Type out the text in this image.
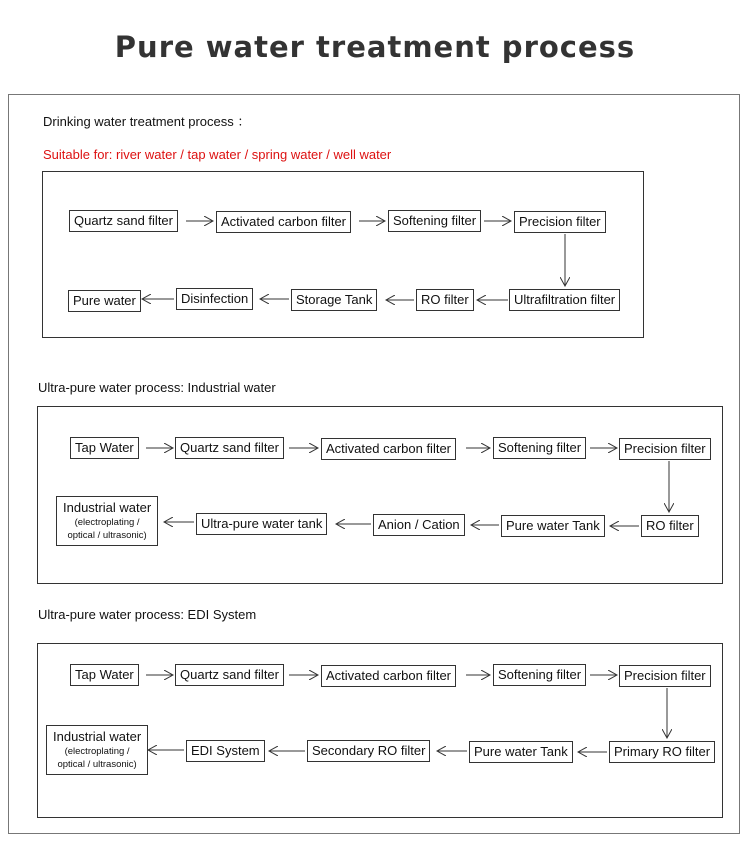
Pure water treatment process
Drinking water treatment process ：
Suitable for: river water / tap water / spring water / well water
Quartz sand filter	Activated carbon filter	Softening filter	Precision filter
Ultrafiltration filter
RO filter
Storage Tank
Disinfection
Pure water
Ultra-pure water process: Industrial water
Tap Water	Quartz sand filter	Activated carbon filter	Softening filter	Precision filter
RO filter
Pure water Tank
Anion / Cation
Ultra-pure water tank
Industrial water
(electroplating /
optical / ultrasonic)
Ultra-pure water process: EDI System
Tap Water	Quartz sand filter	Activated carbon filter	Softening filter	Precision filter
Primary RO filter
Pure water Tank
Secondary RO filter
EDI System
Industrial water
(electroplating /
optical / ultrasonic)
